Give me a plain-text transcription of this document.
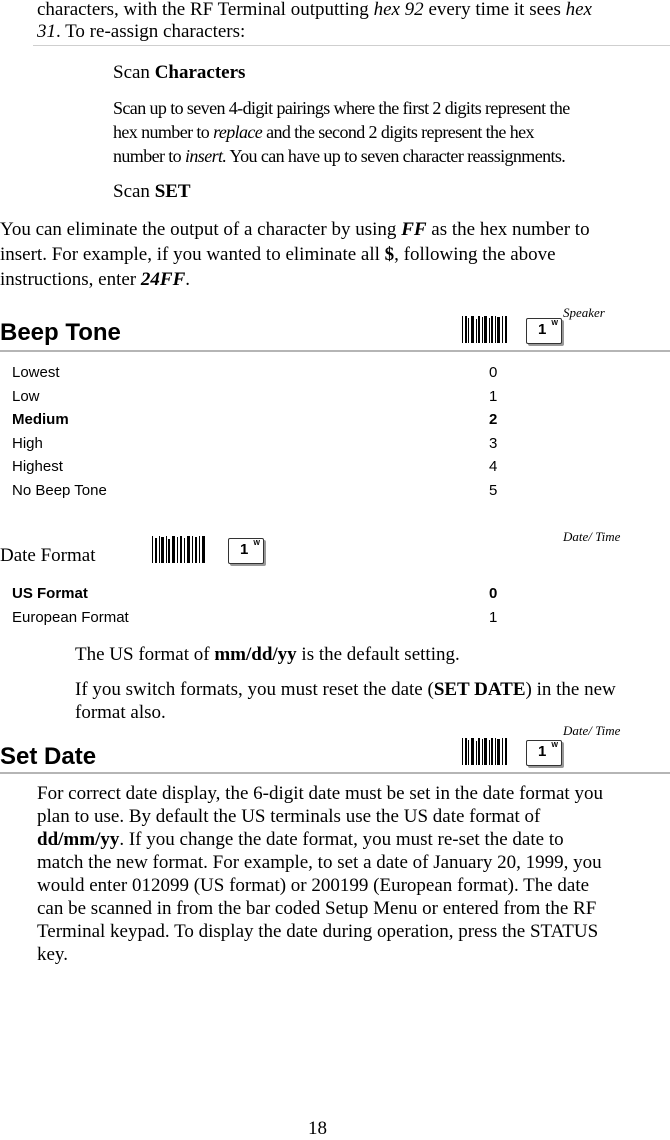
characters, with the RF Terminal outputting hex 92 every time it sees hex
31. To re-assign characters:
Scan Characters
Scan up to seven 4-digit pairings where the first 2 digits represent the
hex number to replace and the second 2 digits represent the hex
number to insert. You can have up to seven character reassignments.
Scan SET
You can eliminate the output of a character by using FF as the hex number to
insert. For example, if you wanted to eliminate all $, following the above
instructions, enter 24FF.
Beep Tone	1 W
Speaker
Lowest	0
Low	1
Medium	2
High	3
Highest	4
No Beep Tone	5
Date Format	1 W	Date/ Time
US Format	0
European Format	1
The US format of mm/dd/yy is the default setting.
If you switch formats, you must reset the date (SET DATE) in the new
format also.
Set Date	1 W
Date/ Time
For correct date display, the 6-digit date must be set in the date format you
plan to use. By default the US terminals use the US date format of
dd/mm/yy. If you change the date format, you must re-set the date to
match the new format. For example, to set a date of January 20, 1999, you
would enter 012099 (US format) or 200199 (European format). The date
can be scanned in from the bar coded Setup Menu or entered from the RF
Terminal keypad. To display the date during operation, press the STATUS
key.
18
